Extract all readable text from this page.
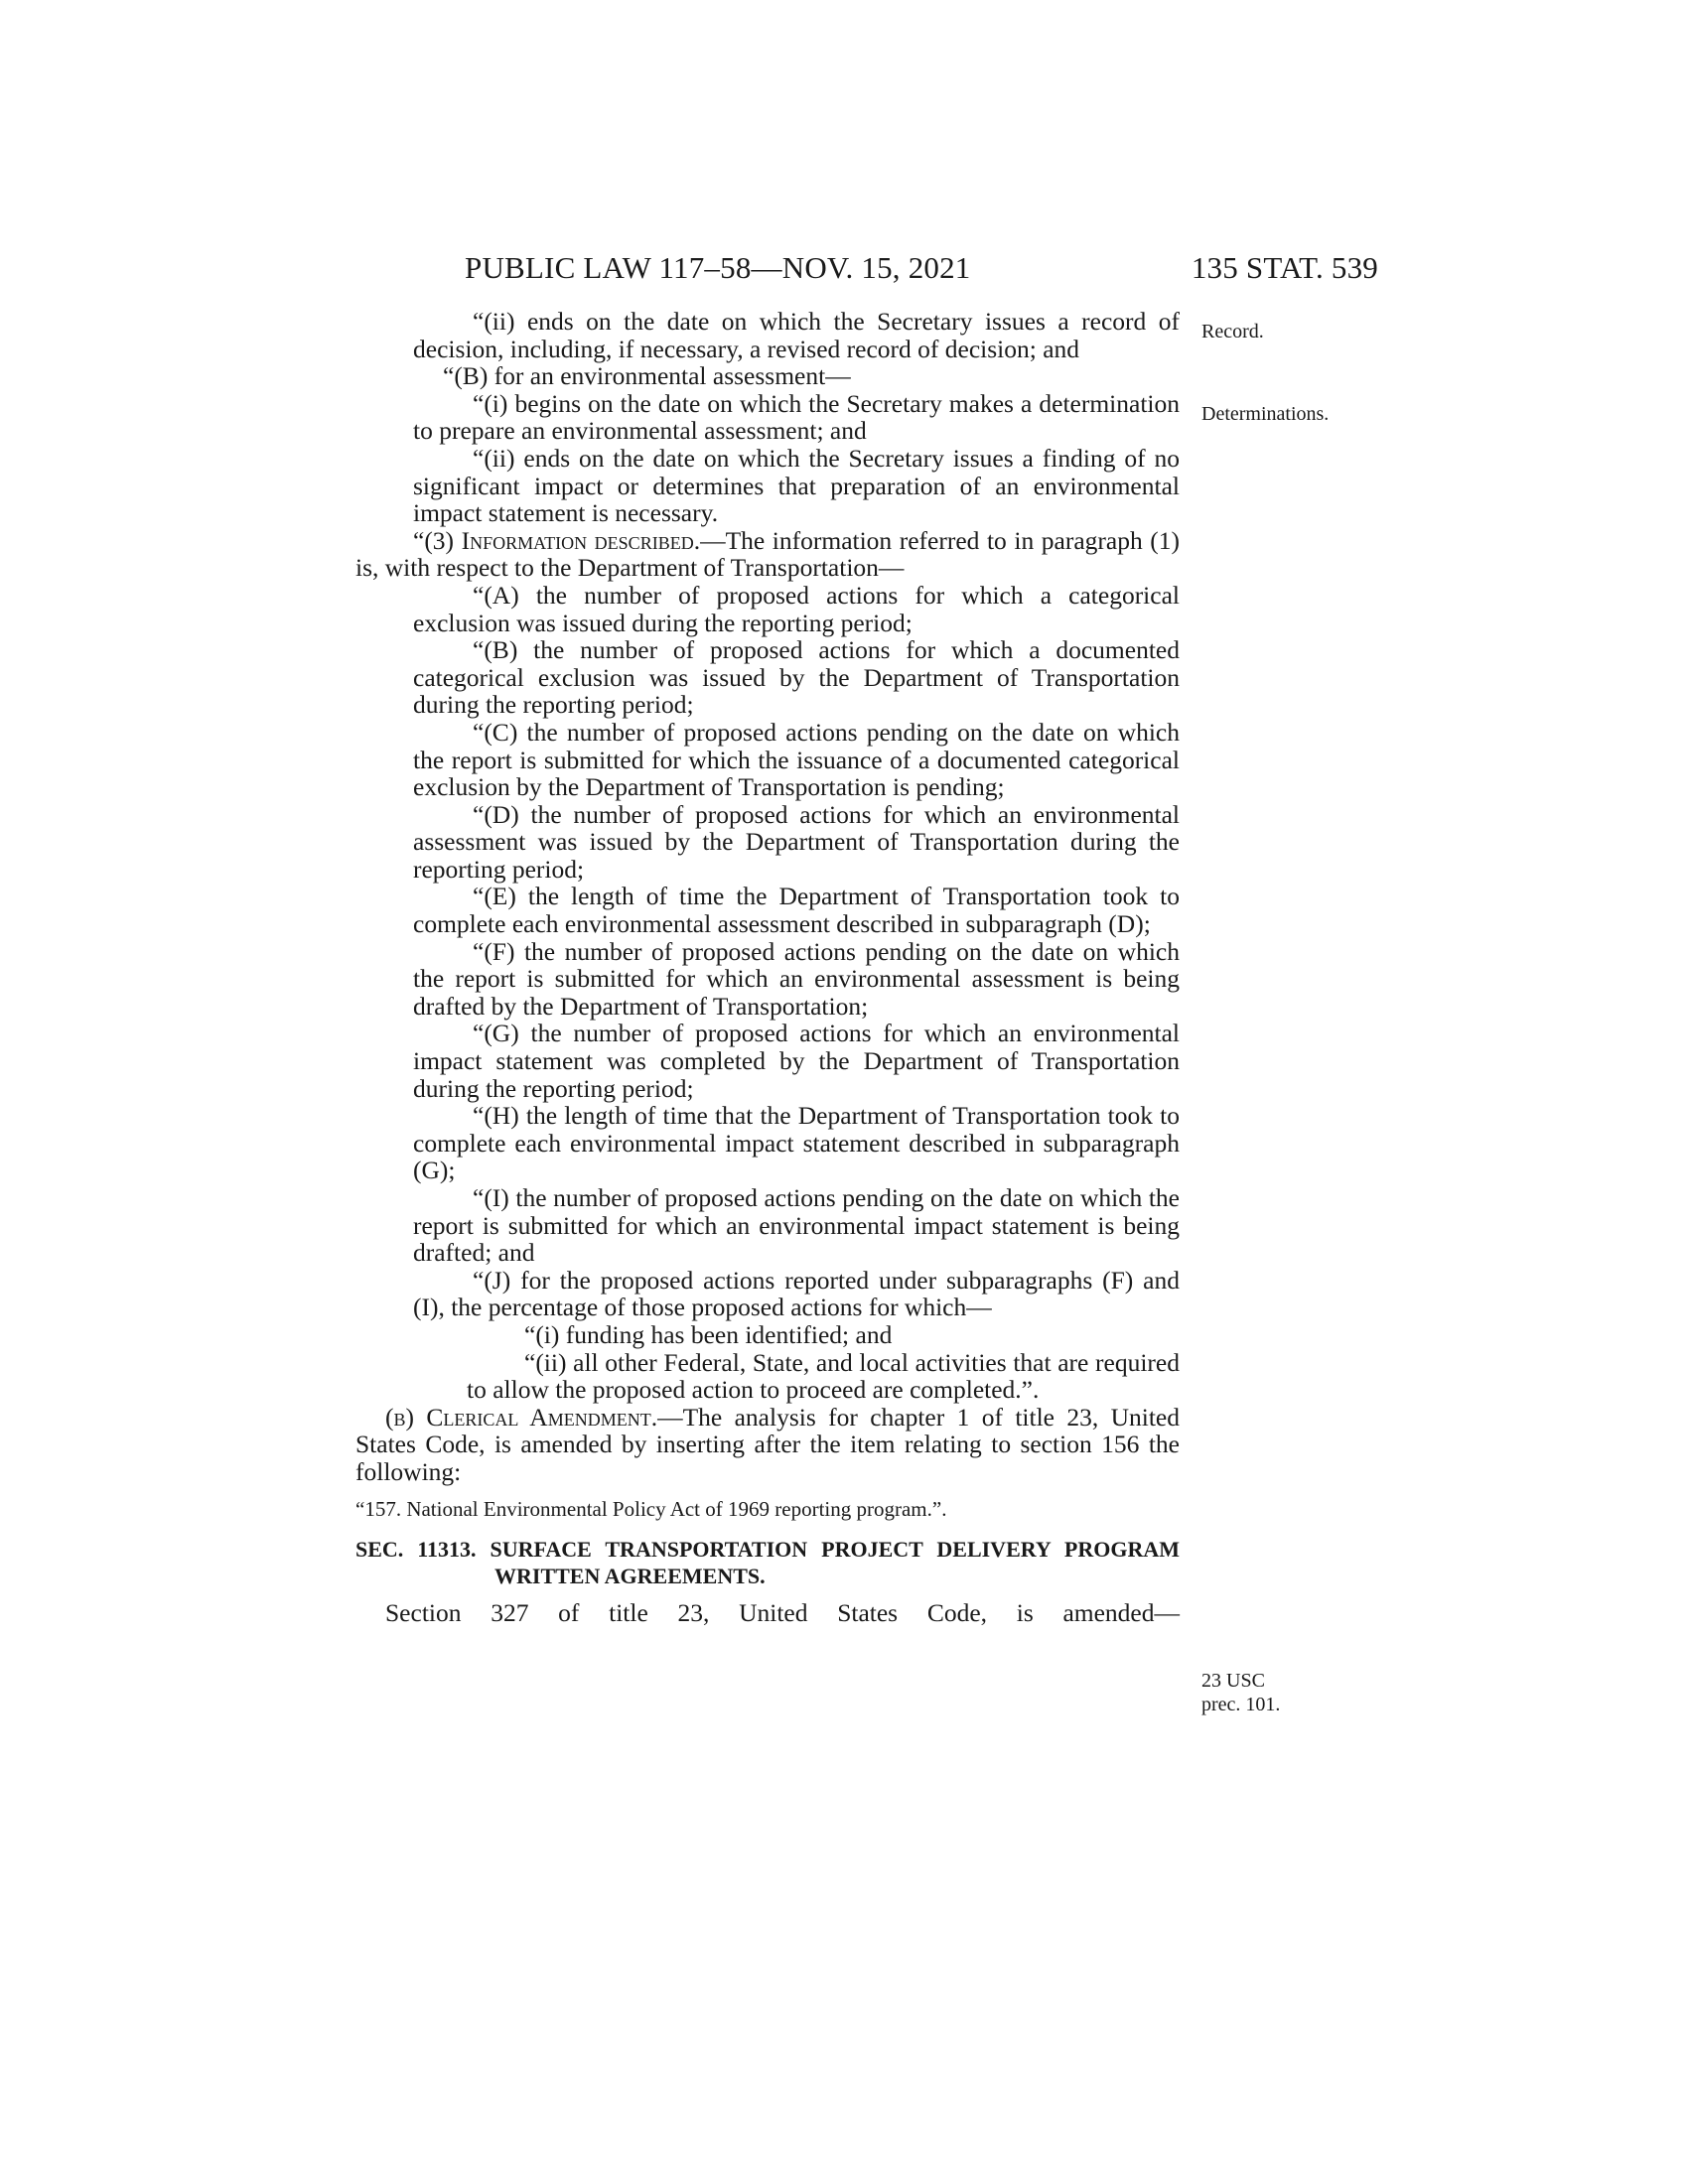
PUBLIC LAW 117–58—NOV. 15, 2021	135 STAT. 539
Record.
Determinations.
23 USC
prec. 101.

“(ii) ends on the date on which the Secretary issues a record of decision, including, if necessary, a revised record of decision; and

“(B) for an environmental assessment—

“(i) begins on the date on which the Secretary makes a determination to prepare an environmental assessment; and

“(ii) ends on the date on which the Secretary issues a finding of no significant impact or determines that preparation of an environmental impact statement is necessary.

“(3) Information described.—The information referred to in paragraph (1) is, with respect to the Department of Transportation—

“(A) the number of proposed actions for which a categorical exclusion was issued during the reporting period;

“(B) the number of proposed actions for which a documented categorical exclusion was issued by the Department of Transportation during the reporting period;

“(C) the number of proposed actions pending on the date on which the report is submitted for which the issuance of a documented categorical exclusion by the Department of Transportation is pending;

“(D) the number of proposed actions for which an environmental assessment was issued by the Department of Transportation during the reporting period;

“(E) the length of time the Department of Transportation took to complete each environmental assessment described in subparagraph (D);

“(F) the number of proposed actions pending on the date on which the report is submitted for which an environmental assessment is being drafted by the Department of Transportation;

“(G) the number of proposed actions for which an environmental impact statement was completed by the Department of Transportation during the reporting period;

“(H) the length of time that the Department of Transportation took to complete each environmental impact statement described in subparagraph (G);

“(I) the number of proposed actions pending on the date on which the report is submitted for which an environmental impact statement is being drafted; and

“(J) for the proposed actions reported under subparagraphs (F) and (I), the percentage of those proposed actions for which—

“(i) funding has been identified; and

“(ii) all other Federal, State, and local activities that are required to allow the proposed action to proceed are completed.”.

(b) Clerical Amendment.—The analysis for chapter 1 of title 23, United States Code, is amended by inserting after the item relating to section 156 the following:

“157. National Environmental Policy Act of 1969 reporting program.”.

SEC. 11313. SURFACE TRANSPORTATION PROJECT DELIVERY PROGRAM WRITTEN AGREEMENTS.

Section 327 of title 23, United States Code, is amended—
